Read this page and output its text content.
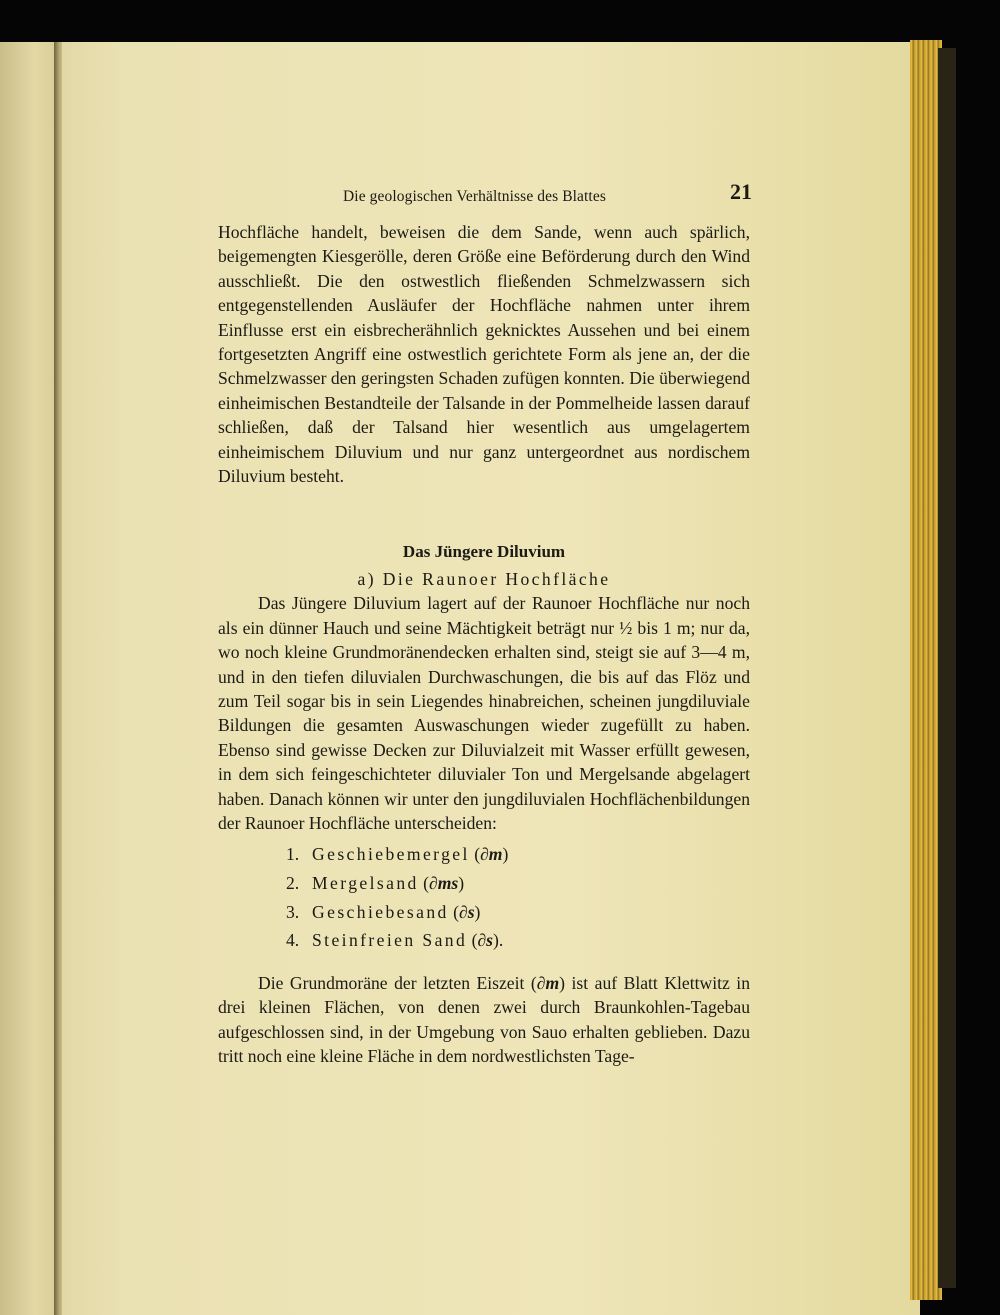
Die geologischen Verhältnisse des Blattes	21

Hochfläche handelt, beweisen die dem Sande, wenn auch spärlich, beigemengten Kiesgerölle, deren Größe eine Beförderung durch den Wind ausschließt. Die den ostwestlich fließenden Schmelzwassern sich entgegenstellenden Ausläufer der Hochfläche nahmen unter ihrem Einflusse erst ein eisbrecherähnlich geknicktes Aussehen und bei einem fortgesetzten Angriff eine ostwestlich gerichtete Form als jene an, der die Schmelzwasser den geringsten Schaden zufügen konnten. Die überwiegend einheimischen Bestandteile der Talsande in der Pommelheide lassen darauf schließen, daß der Talsand hier wesentlich aus umgelagertem einheimischem Diluvium und nur ganz untergeordnet aus nordischem Diluvium besteht.

Das Jüngere Diluvium
a) Die Raunoer Hochfläche

Das Jüngere Diluvium lagert auf der Raunoer Hochfläche nur noch als ein dünner Hauch und seine Mächtigkeit beträgt nur ½ bis 1 m; nur da, wo noch kleine Grundmoränendecken erhalten sind, steigt sie auf 3—4 m, und in den tiefen diluvialen Durchwaschungen, die bis auf das Flöz und zum Teil sogar bis in sein Liegendes hinabreichen, scheinen jungdiluviale Bildungen die gesamten Auswaschungen wieder zugefüllt zu haben. Ebenso sind gewisse Decken zur Diluvialzeit mit Wasser erfüllt gewesen, in dem sich feingeschichteter diluvialer Ton und Mergelsande abgelagert haben. Danach können wir unter den jungdiluvialen Hochflächenbildungen der Raunoer Hochfläche unterscheiden:

1. Geschiebemergel ( ∂m )
2. Mergelsand ( ∂ms )
3. Geschiebesand ( ∂s )
4. Steinfreien Sand ( ∂s ).

Die Grundmoräne der letzten Eiszeit (∂m) ist auf Blatt Klettwitz in drei kleinen Flächen, von denen zwei durch Braunkohlen-Tagebau aufgeschlossen sind, in der Umgebung von Sauo erhalten geblieben. Dazu tritt noch eine kleine Fläche in dem nordwestlichsten Tage-
